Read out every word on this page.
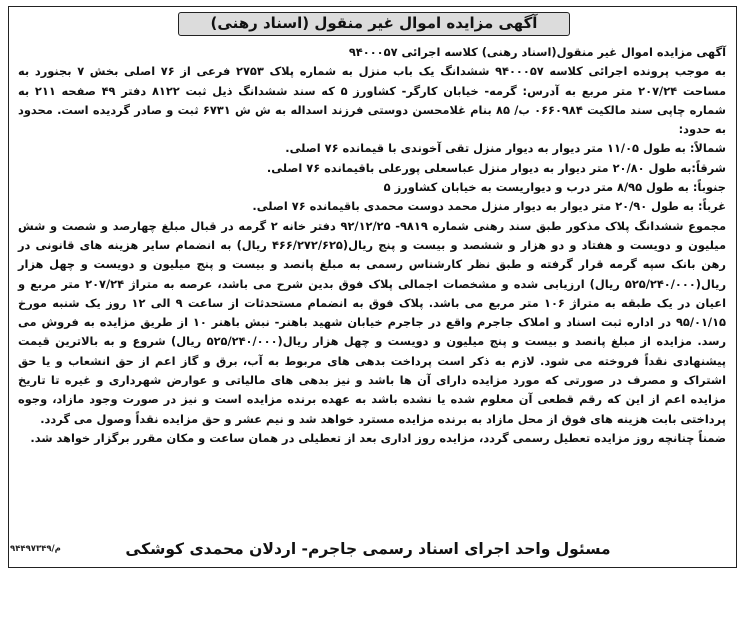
آگهی مزایده اموال غیر منقول (اسناد رهنی)

آگهی مزایده اموال غیر منقول(اسناد رهنی) کلاسه اجرائی ۹۴۰۰۰۵۷

به موجب پرونده اجرائی کلاسه ۹۴۰۰۰۵۷ ششدانگ یک باب منزل به شماره پلاک ۲۷۵۳ فرعی از ۷۶ اصلی بخش ۷ بجنورد به مساحت ۲۰۷/۲۴ متر مربع به آدرس: گرمه- خیابان کارگر- کشاورز ۵ که سند ششدانگ ذیل ثبت ۸۱۲۲ دفتر ۴۹ صفحه ۲۱۱ به شماره چاپی سند مالکیت ۰۶۶۰۹۸۴ ب/ ۸۵ بنام غلامحسن دوستی فرزند اسداله به ش ش ۶۷۳۱ ثبت و صادر گردیده است. محدود به حدود:

شمالاً: به طول ۱۱/۰۵ متر دیوار به دیوار منزل تقی آخوندی با قیمانده ۷۶ اصلی.

شرقاً:به طول ۲۰/۸۰ متر دیوار به دیوار منزل عباسعلی پورعلی باقیمانده ۷۶ اصلی.

جنوباً: به طول ۸/۹۵ متر درب و دیواریست به خیابان کشاورز ۵

غرباً: به طول ۲۰/۹۰ متر دیوار به دیوار منزل محمد دوست محمدی باقیمانده ۷۶ اصلی.

مجموع ششدانگ پلاک مذکور طبق سند رهنی شماره ۹۸۱۹- ۹۲/۱۲/۲۵ دفتر خانه ۲ گرمه در قبال مبلغ چهارصد و شصت و شش میلیون و دویست و هفتاد و دو هزار و ششصد و بیست و پنج ریال(۴۶۶/۲۷۲/۶۲۵ ریال) به انضمام سایر هزینه های قانونی در رهن بانک سپه گرمه قرار گرفته و طبق نظر کارشناس رسمی به مبلغ پانصد و بیست و پنج میلیون و دویست و چهل هزار ریال(۵۲۵/۲۴۰/۰۰۰ ریال) ارزیابی شده و مشخصات اجمالی پلاک فوق بدین شرح می باشد، عرصه به متراژ ۲۰۷/۲۴ متر مربع و اعیان در یک طبقه به متراژ ۱۰۶ متر مربع می باشد. پلاک فوق به انضمام مستحدثات از ساعت ۹ الی ۱۲ روز یک شنبه مورخ ۹۵/۰۱/۱۵ در اداره ثبت اسناد و املاک جاجرم واقع در جاجرم خیابان شهید باهنر- نبش باهنر ۱۰ از طریق مزایده به فروش می رسد. مزایده از مبلغ پانصد و بیست و پنج میلیون و دویست و چهل هزار ریال(۵۲۵/۲۴۰/۰۰۰ ریال) شروع و به بالاترین قیمت پیشنهادی نقداً فروخته می شود. لازم به ذکر است پرداخت بدهی های مربوط به آب، برق و گاز اعم از حق انشعاب و یا حق اشتراک و مصرف در صورتی که مورد مزایده دارای آن ها باشد و نیز بدهی های مالیاتی و عوارض شهرداری و غیره تا تاریخ مزایده اعم از این که رقم قطعی آن معلوم شده یا نشده باشد به عهده برنده مزایده است و نیز در صورت وجود مازاد، وجوه پرداختی بابت هزینه های فوق از محل مازاد به برنده مزایده مسترد خواهد شد و نیم عشر و حق مزایده نقداً وصول می گردد.

ضمناً چنانچه روز مزایده تعطیل رسمی گردد، مزایده روز اداری بعد از تعطیلی در همان ساعت و مکان مقرر برگزار خواهد شد.

مسئول واحد اجرای اسناد رسمی جاجرم- اردلان محمدی کوشکی
م/۹۴۴۹۷۳۴۹
